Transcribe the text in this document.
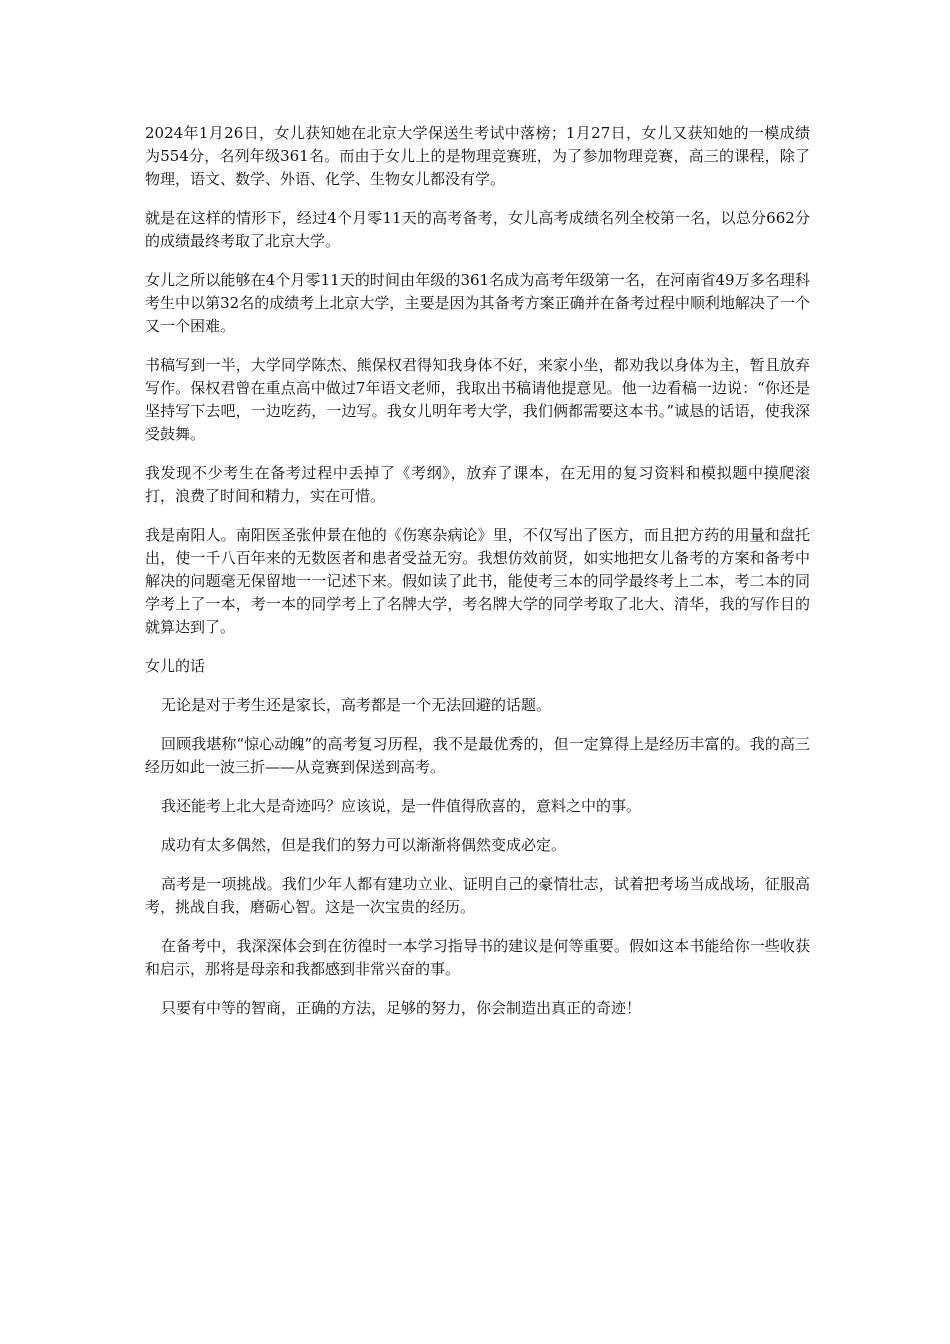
2024年1月26日，女儿获知她在北京大学保送生考试中落榜；1月27日，女儿又获知她的一模成绩为554分，名列年级361名。而由于女儿上的是物理竞赛班，为了参加物理竞赛，高三的课程，除了物理，语文、数学、外语、化学、生物女儿都没有学。

就是在这样的情形下，经过4个月零11天的高考备考，女儿高考成绩名列全校第一名，以总分662分的成绩最终考取了北京大学。

女儿之所以能够在4个月零11天的时间由年级的361名成为高考年级第一名，在河南省49万多名理科考生中以第32名的成绩考上北京大学，主要是因为其备考方案正确并在备考过程中顺利地解决了一个又一个困难。

书稿写到一半，大学同学陈杰、熊保权君得知我身体不好，来家小坐，都劝我以身体为主，暂且放弃写作。保权君曾在重点高中做过7年语文老师，我取出书稿请他提意见。他一边看稿一边说：“你还是坚持写下去吧，一边吃药，一边写。我女儿明年考大学，我们俩都需要这本书。”诚恳的话语，使我深受鼓舞。

我发现不少考生在备考过程中丢掉了《考纲》，放弃了课本，在无用的复习资料和模拟题中摸爬滚打，浪费了时间和精力，实在可惜。

我是南阳人。南阳医圣张仲景在他的《伤寒杂病论》里，不仅写出了医方，而且把方药的用量和盘托出，使一千八百年来的无数医者和患者受益无穷。我想仿效前贤，如实地把女儿备考的方案和备考中解决的问题毫无保留地一一记述下来。假如读了此书，能使考三本的同学最终考上二本，考二本的同学考上了一本，考一本的同学考上了名牌大学，考名牌大学的同学考取了北大、清华，我的写作目的就算达到了。

女儿的话

无论是对于考生还是家长，高考都是一个无法回避的话题。

回顾我堪称“惊心动魄”的高考复习历程，我不是最优秀的，但一定算得上是经历丰富的。我的高三经历如此一波三折——从竞赛到保送到高考。

我还能考上北大是奇迹吗？应该说，是一件值得欣喜的，意料之中的事。

成功有太多偶然，但是我们的努力可以渐渐将偶然变成必定。

高考是一项挑战。我们少年人都有建功立业、证明自己的豪情壮志，试着把考场当成战场，征服高考，挑战自我，磨砺心智。这是一次宝贵的经历。

在备考中，我深深体会到在彷徨时一本学习指导书的建议是何等重要。假如这本书能给你一些收获和启示，那将是母亲和我都感到非常兴奋的事。

只要有中等的智商，正确的方法，足够的努力，你会制造出真正的奇迹！
